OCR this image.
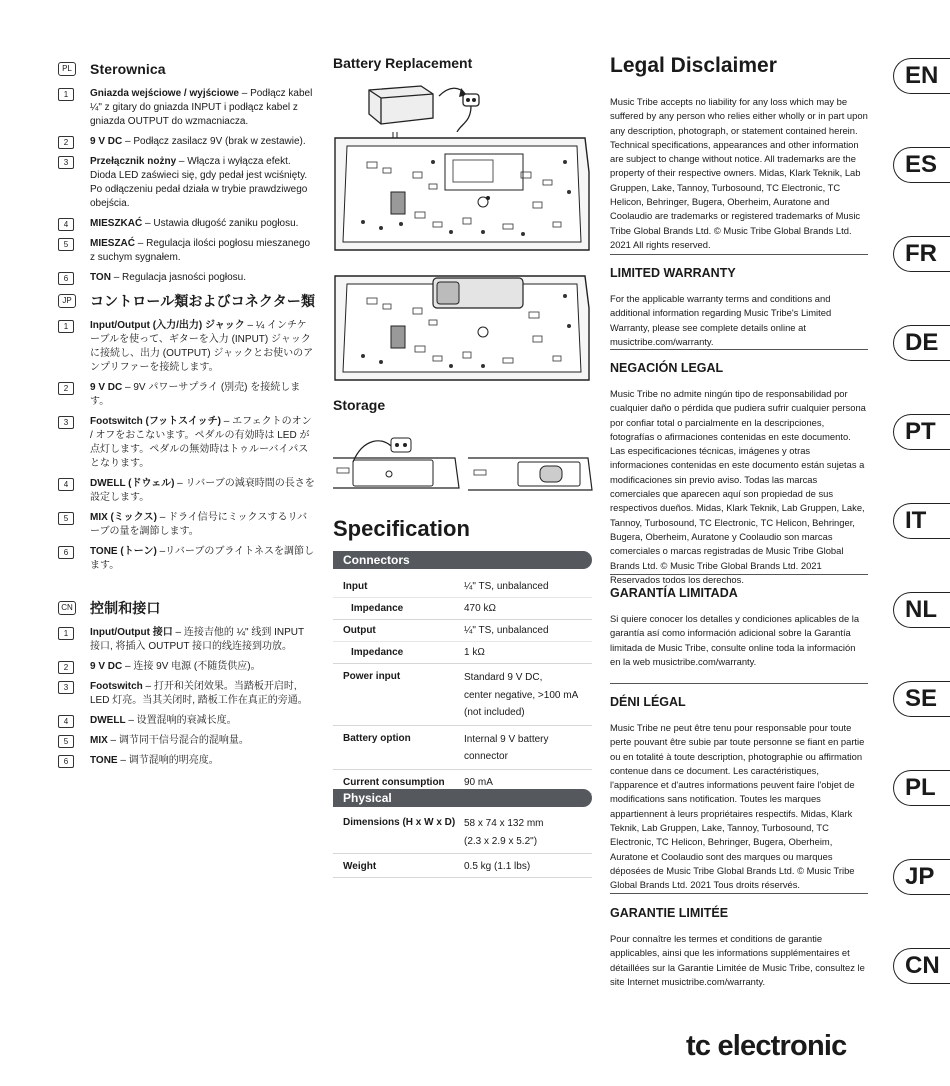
PL Sterownica
1	Gniazda wejściowe / wyjściowe – Podłącz kabel ¼" z gitary do gniazda INPUT i podłącz kabel z gniazda OUTPUT do wzmacniacza.
2	9 V DC – Podłącz zasilacz 9V (brak w zestawie).
3	Przełącznik nożny – Włącza i wyłącza efekt. Dioda LED zaświeci się, gdy pedał jest wciśnięty. Po odłączeniu pedał działa w trybie prawdziwego obejścia.
4	MIESZKAĆ – Ustawia długość zaniku pogłosu.
5	MIESZAĆ – Regulacja ilości pogłosu mieszanego z suchym sygnałem.
6	TON – Regulacja jasności pogłosu.
JP	コントロール類およびコネクター類
1	Input/Output (入力/出力) ジャック – ¼ インチケーブルを使って、ギターを入力 (INPUT) ジャックに接続し、出力 (OUTPUT) ジャックとお使いのアンプリファーを接続します。
2	9 V DC – 9V パワーサプライ (別売) を接続します。
3	Footswitch (フットスイッチ) – エフェクトのオン / オフをおこないます。ペダルの有効時は LED が点灯します。ペダルの無効時はトゥルーバイパスとなります。
4	DWELL (ドウェル) – リバーブの減衰時間の長さを設定します。
5	MIX (ミックス) – ドライ信号にミックスするリバーブの量を調節します。
6	TONE (トーン) –リバーブのブライトネスを調節します。
CN 控制和接口
1	Input/Output 接口 – 连接吉他的 ¼" 线到 INPUT 接口, 将插入 OUTPUT 接口的线连接到功放。
2	9 V DC – 连接 9V 电源 (不随货供应)。
3	Footswitch – 打开和关闭效果。当踏板开启时, LED 灯亮。当其关闭时, 踏板工作在真正的旁通。
4	DWELL – 设置混响的衰减长度。
5	MIX – 调节同干信号混合的混响量。
6	TONE – 调节混响的明亮度。
Battery Replacement
Storage
Specification
Connectors
Input	¼" TS, unbalanced
Impedance	470 kΩ
Output	¼" TS, unbalanced
Impedance	1 kΩ
Power input	Standard 9 V DC,
center negative, >100 mA
(not included)
Battery option	Internal 9 V battery
connector
Current consumption	90 mA
Physical
Dimensions (H x W x D) 58 x 74 x 132 mm
(2.3 x 2.9 x 5.2")
Weight	0.5 kg (1.1 lbs)
Legal Disclaimer

Music Tribe accepts no liability for any loss which may be suffered by any person who relies either wholly or in part upon any description, photograph, or statement contained herein. Technical specifications, appearances and other information are subject to change without notice. All trademarks are the property of their respective owners. Midas, Klark Teknik, Lab Gruppen, Lake, Tannoy, Turbosound, TC Electronic, TC Helicon, Behringer, Bugera, Oberheim, Auratone and Coolaudio are trademarks or registered trademarks of Music Tribe Global Brands Ltd. © Music Tribe Global Brands Ltd. 2021 All rights reserved.

LIMITED WARRANTY

For the applicable warranty terms and conditions and additional information regarding Music Tribe's Limited Warranty, please see complete details online at musictribe.com/warranty.

NEGACIÓN LEGAL

Music Tribe no admite ningún tipo de responsabilidad por cualquier daño o pérdida que pudiera sufrir cualquier persona por confiar total o parcialmente en la descripciones, fotografías o afirmaciones contenidas en este documento. Las especificaciones técnicas, imágenes y otras informaciones contenidas en este documento están sujetas a modificaciones sin previo aviso. Todas las marcas comerciales que aparecen aquí son propiedad de sus respectivos dueños. Midas, Klark Teknik, Lab Gruppen, Lake, Tannoy, Turbosound, TC Electronic, TC Helicon, Behringer, Bugera, Oberheim, Auratone y Coolaudio son marcas comerciales o marcas registradas de Music Tribe Global Brands Ltd. © Music Tribe Global Brands Ltd. 2021 Reservados todos los derechos.

GARANTÍA LIMITADA

Si quiere conocer los detalles y condiciones aplicables de la garantía así como información adicional sobre la Garantía limitada de Music Tribe, consulte online toda la información en la web musictribe.com/warranty.

DÉNI LÉGAL

Music Tribe ne peut être tenu pour responsable pour toute perte pouvant être subie par toute personne se fiant en partie ou en totalité à toute description, photographie ou affirmation contenue dans ce document. Les caractéristiques, l'apparence et d'autres informations peuvent faire l'objet de modifications sans notification. Toutes les marques appartiennent à leurs propriétaires respectifs. Midas, Klark Teknik, Lab Gruppen, Lake, Tannoy, Turbosound, TC Electronic, TC Helicon, Behringer, Bugera, Oberheim, Auratone et Coolaudio sont des marques ou marques déposées de Music Tribe Global Brands Ltd. © Music Tribe Global Brands Ltd. 2021 Tous droits réservés.

GARANTIE LIMITÉE

Pour connaître les termes et conditions de garantie applicables, ainsi que les informations supplémentaires et détaillées sur la Garantie Limitée de Music Tribe, consultez le site Internet musictribe.com/warranty.

EN
ES
FR
DE
PT
IT
NL
SE
PL
JP
CN
tc electronic
